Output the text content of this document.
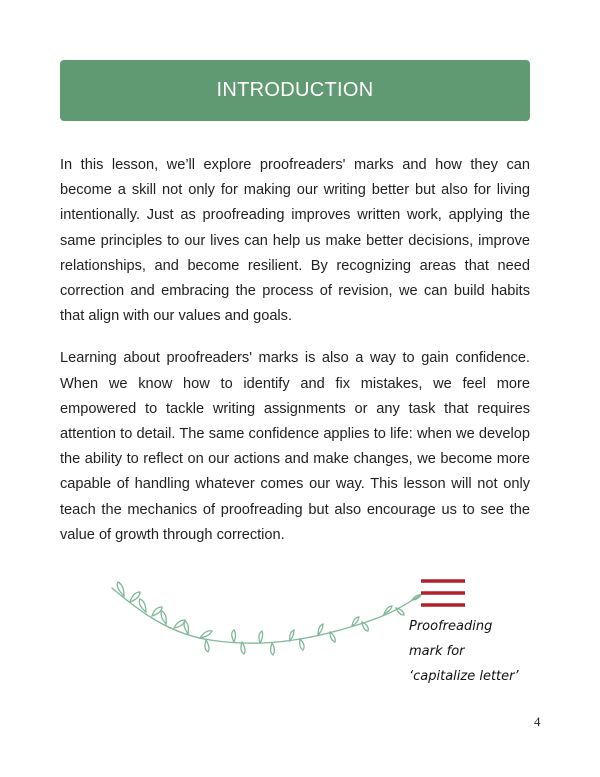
INTRODUCTION

In this lesson, we’ll explore proofreaders' marks and how they can become a skill not only for making our writing better but also for living intentionally. Just as proofreading improves written work, applying the same principles to our lives can help us make better decisions, improve relationships, and become resilient. By recognizing areas that need correction and embracing the process of revision, we can build habits that align with our values and goals.

Learning about proofreaders' marks is also a way to gain confidence. When we know how to identify and fix mistakes, we feel more empowered to tackle writing assignments or any task that requires attention to detail. The same confidence applies to life: when we develop the ability to reflect on our actions and make changes, we become more capable of handling whatever comes our way. This lesson will not only teach the mechanics of proofreading but also encourage us to see the value of growth through correction.

Proofreading
mark for
‘capitalize letter’
4
